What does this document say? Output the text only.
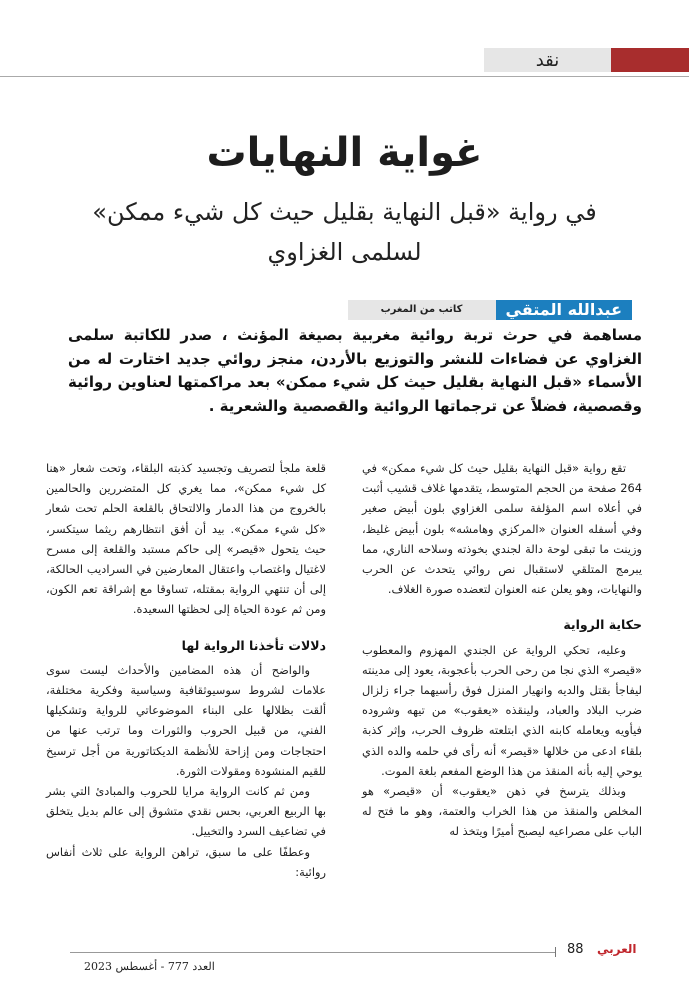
نقد
غواية النهايات
في رواية «قبل النهاية بقليل حيث كل شيء ممكن»
لسلمى الغزاوي
عبدالله المتقي
كاتب من المغرب

مساهمة في حرث تربة روائية مغربية بصيغة المؤنث ، صدر للكاتبة سلمى الغزاوي عن فضاءات للنشر والتوزيع بالأردن، منجز روائي جديد اختارت له من الأسماء «قبل النهاية بقليل حيث كل شيء ممكن» بعد مراكمتها لعناوين روائية وقصصية، فضلاً عن ترجماتها الروائية والقصصية والشعرية .

تقع رواية «قبل النهاية بقليل حيث كل شيء ممكن» في 264 صفحة من الحجم المتوسط، يتقدمها غلاف قشيب أثبت في أعلاه اسم المؤلفة سلمى الغزاوي بلون أبيض صغير وفي أسفله العنوان «المركزي وهامشه» بلون أبيض غليظ، وزينت ما تبقى لوحة دالة لجندي بخوذته وسلاحه الناري، مما يبرمج المتلقي لاستقبال نص روائي يتحدث عن الحرب والنهايات، وهو يعلن عنه العنوان لتعضده صورة الغلاف.

حكاية الرواية

وعليه، تحكي الرواية عن الجندي المهزوم والمعطوب «قيصر» الذي نجا من رحى الحرب بأعجوبة، يعود إلى مدينته ليفاجأ بقتل والديه وانهيار المنزل فوق رأسيهما جراء زلزال ضرب البلاد والعباد، ولينقذه «يعقوب» من تيهه وشروده فيأويه ويعامله كابنه الذي ابتلعته ظروف الحرب، وإثر كذبة بلقاء ادعى من خلالها «قيصر» أنه رأى في حلمه والده الذي يوحي إليه بأنه المنقذ من هذا الوضع المفعم بلغة الموت.

وبذلك يترسخ في ذهن «يعقوب» أن «قيصر» هو المخلص والمنقذ من هذا الخراب والعتمة، وهو ما فتح له الباب على مصراعيه ليصبح أميرًا ويتخذ له

قلعة ملجأ لتصريف وتجسيد كذبته البلقاء، وتحت شعار «هنا كل شيء ممكن»، مما يغري كل المتضررين والحالمين بالخروج من هذا الدمار والالتحاق بالقلعة الحلم تحت شعار «كل شيء ممكن». بيد أن أفق انتظارهم ريثما سيتكسر، حيث يتحول «قيصر» إلى حاكم مستبد والقلعة إلى مسرح لاغتيال واغتصاب واعتقال المعارضين في السراديب الحالكة، إلى أن تنتهي الرواية بمقتله، تساوقا مع إشراقة تعم الكون، ومن ثم عودة الحياة إلى لحظتها السعيدة.

دلالات تأخذنا الرواية لها

والواضح أن هذه المضامين والأحداث ليست سوى علامات لشروط سوسيوثقافية وسياسية وفكرية مختلفة، ألقت بظلالها على البناء الموضوعاتي للرواية وتشكيلها الفني، من قبيل الحروب والثورات وما ترتب عنها من احتجاجات ومن إزاحة للأنظمة الديكتاتورية من أجل ترسيخ للقيم المنشودة ومقولات الثورة.

ومن ثم كانت الرواية مرايا للحروب والمبادئ التي بشر بها الربيع العربي، بحس نقدي متشوق إلى عالم بديل يتخلق في تضاعيف السرد والتخييل.

وعطفًا على ما سبق، تراهن الرواية على ثلاث أنفاس روائية:

88 العربي
العدد 777 - أغسطس 2023
